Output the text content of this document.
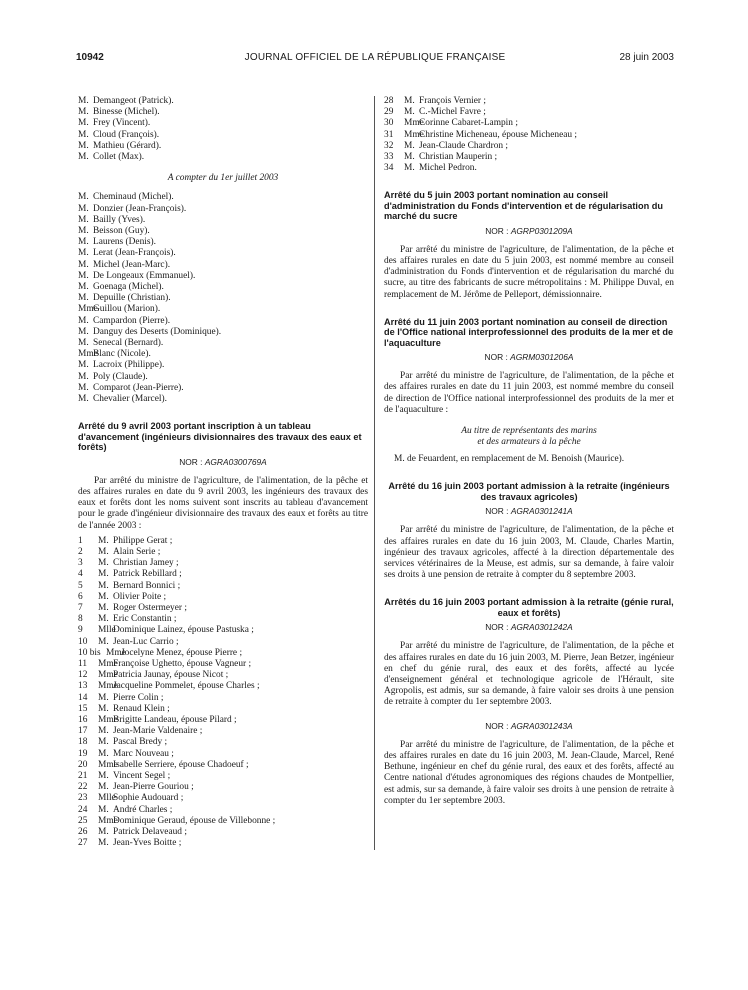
10942	JOURNAL OFFICIEL DE LA RÉPUBLIQUE FRANÇAISE	28 juin 2003
M. Demangeot (Patrick).
M. Binesse (Michel).
M. Frey (Vincent).
M. Cloud (François).
M. Mathieu (Gérard).
M. Collet (Max).
A compter du 1er juillet 2003
M. Cheminaud (Michel).
M. Donzier (Jean-François).
M. Bailly (Yves).
M. Beisson (Guy).
M. Laurens (Denis).
M. Lerat (Jean-François).
M. Michel (Jean-Marc).
M. De Longeaux (Emmanuel).
M. Goenaga (Michel).
M. Depuille (Christian).
MmeGuillou (Marion).
M. Campardon (Pierre).
M. Danguy des Deserts (Dominique).
M. Senecal (Bernard).
MmeBlanc (Nicole).
M. Lacroix (Philippe).
M. Poly (Claude).
M. Comparot (Jean-Pierre).
M. Chevalier (Marcel).
Arrêté du 9 avril 2003 portant inscription à un tableau d'avancement (ingénieurs divisionnaires des travaux des eaux et forêts)
NOR : AGRA0300769A

Par arrêté du ministre de l'agriculture, de l'alimentation, de la pêche et des affaires rurales en date du 9 avril 2003, les ingénieurs des travaux des eaux et forêts dont les noms suivent sont inscrits au tableau d'avancement pour le grade d'ingénieur divisionnaire des travaux des eaux et forêts au titre de l'année 2003 :

1 M. Philippe Gerat ;
2 M. Alain Serie ;
3 M. Christian Jamey ;
4 M. Patrick Rebillard ;
5 M. Bernard Bonnici ;
6 M. Olivier Poite ;
7 M. Roger Ostermeyer ;
8 M. Eric Constantin ;
9 MlleDominique Lainez, épouse Pastuska ;
10 M. Jean-Luc Carrio ;
10 bis MmeJocelyne Menez, épouse Pierre ;
11 MmeFrançoise Ughetto, épouse Vagneur ;
12 MmePatricia Jaunay, épouse Nicot ;
13 MmeJacqueline Pommelet, épouse Charles ;
14 M. Pierre Colin ;
15 M. Renaud Klein ;
16 MmeBrigitte Landeau, épouse Pilard ;
17 M. Jean-Marie Valdenaire ;
18 M. Pascal Bredy ;
19 M. Marc Nouveau ;
20 MmeIsabelle Serriere, épouse Chadoeuf ;
21 M. Vincent Segel ;
22 M. Jean-Pierre Gouriou ;
23 MlleSophie Audouard ;
24 M. André Charles ;
25 MmeDominique Geraud, épouse de Villebonne ;
26 M. Patrick Delaveaud ;
27 M. Jean-Yves Boitte ;
28 M. François Vernier ;
29 M. C.-Michel Favre ;
30 MmeCorinne Cabaret-Lampin ;
31 MmeChristine Micheneau, épouse Micheneau ;
32 M. Jean-Claude Chardron ;
33 M. Christian Mauperin ;
34 M. Michel Pedron.
Arrêté du 5 juin 2003 portant nomination au conseil d'administration du Fonds d'intervention et de régularisation du marché du sucre
NOR : AGRP0301209A

Par arrêté du ministre de l'agriculture, de l'alimentation, de la pêche et des affaires rurales en date du 5 juin 2003, est nommé membre au conseil d'administration du Fonds d'intervention et de régularisation du marché du sucre, au titre des fabricants de sucre métropolitains : M. Philippe Duval, en remplacement de M. Jérôme de Pelleport, démissionnaire.

Arrêté du 11 juin 2003 portant nomination au conseil de direction de l'Office national interprofessionnel des produits de la mer et de l'aquaculture
NOR : AGRM0301206A

Par arrêté du ministre de l'agriculture, de l'alimentation, de la pêche et des affaires rurales en date du 11 juin 2003, est nommé membre du conseil de direction de l'Office national interprofessionnel des produits de la mer et de l'aquaculture :

Au titre de représentants des marins
et des armateurs à la pêche

M. de Feuardent, en remplacement de M. Benoish (Maurice).

Arrêté du 16 juin 2003 portant admission à la retraite (ingénieurs des travaux agricoles)
NOR : AGRA0301241A

Par arrêté du ministre de l'agriculture, de l'alimentation, de la pêche et des affaires rurales en date du 16 juin 2003, M. Claude, Charles Martin, ingénieur des travaux agricoles, affecté à la direction départementale des services vétérinaires de la Meuse, est admis, sur sa demande, à faire valoir ses droits à une pension de retraite à compter du 8 septembre 2003.

Arrêtés du 16 juin 2003 portant admission à la retraite (génie rural, eaux et forêts)
NOR : AGRA0301242A

Par arrêté du ministre de l'agriculture, de l'alimentation, de la pêche et des affaires rurales en date du 16 juin 2003, M. Pierre, Jean Betzer, ingénieur en chef du génie rural, des eaux et des forêts, affecté au lycée d'enseignement général et technologique agricole de l'Hérault, site Agropolis, est admis, sur sa demande, à faire valoir ses droits à une pension de retraite à compter du 1er septembre 2003.

NOR : AGRA0301243A

Par arrêté du ministre de l'agriculture, de l'alimentation, de la pêche et des affaires rurales en date du 16 juin 2003, M. Jean-Claude, Marcel, René Bethune, ingénieur en chef du génie rural, des eaux et des forêts, affecté au Centre national d'études agronomiques des régions chaudes de Montpellier, est admis, sur sa demande, à faire valoir ses droits à une pension de retraite à compter du 1er septembre 2003.
